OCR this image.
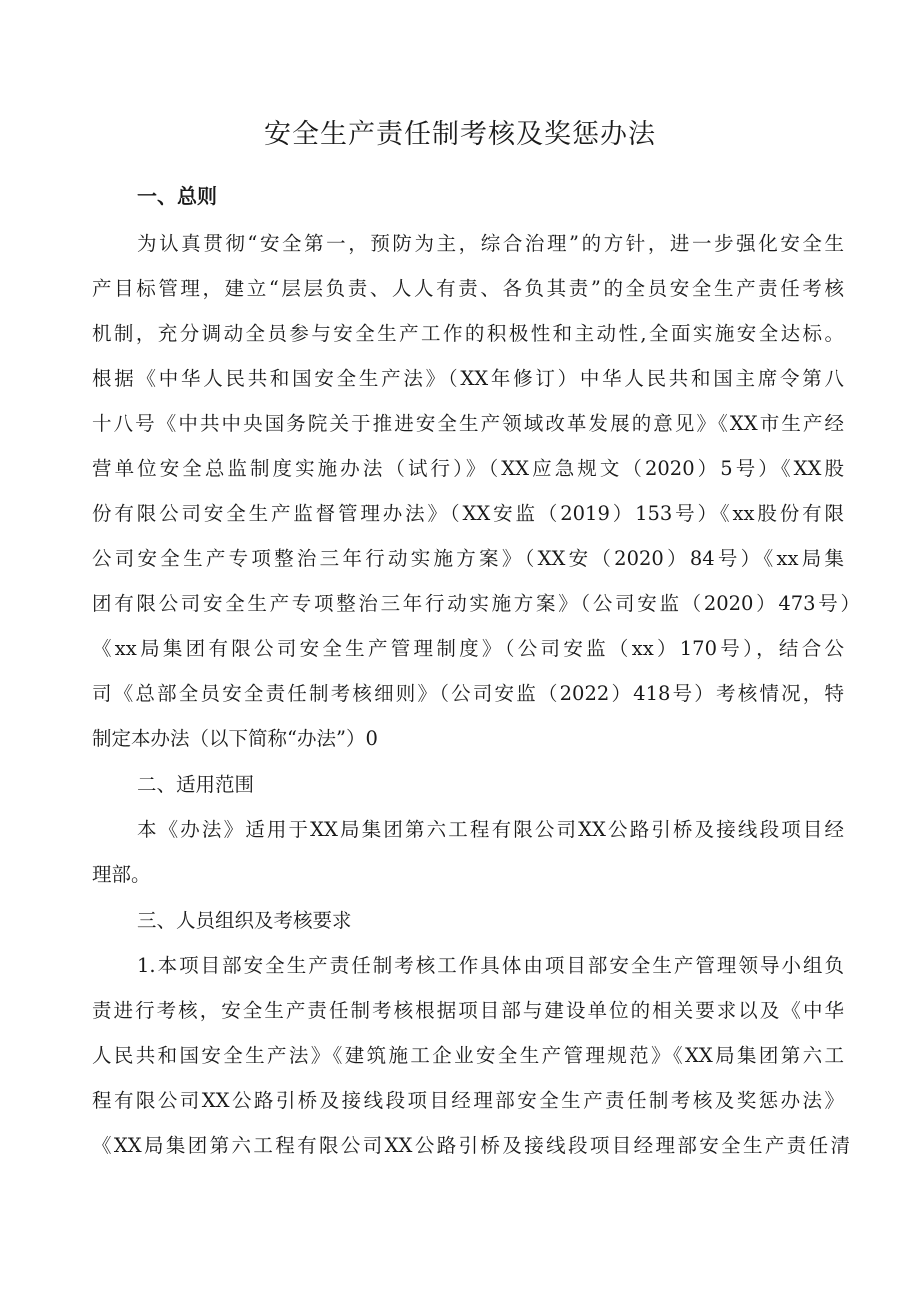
安全生产责任制考核及奖惩办法
一、总则
为认真贯彻“安全第一，预防为主，综合治理”的方针，进一步强化安全生
产目标管理，建立“层层负责、人人有责、各负其责”的全员安全生产责任考核
机制，充分调动全员参与安全生产工作的积极性和主动性,全面实施安全达标。
根据《中华人民共和国安全生产法》（XX年修订）中华人民共和国主席令第八
十八号《中共中央国务院关于推进安全生产领域改革发展的意见》《XX市生产经
营单位安全总监制度实施办法（试行）》（XX应急规文（2020）5号）《XX股
份有限公司安全生产监督管理办法》（XX安监（2019）153号）《xx股份有限
公司安全生产专项整治三年行动实施方案》（XX安（2020）84号）《xx局集
团有限公司安全生产专项整治三年行动实施方案》（公司安监（2020）473号）
《xx局集团有限公司安全生产管理制度》（公司安监（xx）170号），结合公
司《总部全员安全责任制考核细则》（公司安监（2022）418号）考核情况，特
制定本办法（以下简称“办法”）0
二、适用范围
本《办法》适用于XX局集团第六工程有限公司XX公路引桥及接线段项目经
理部。
三、人员组织及考核要求
1.本项目部安全生产责任制考核工作具体由项目部安全生产管理领导小组负
责进行考核，安全生产责任制考核根据项目部与建设单位的相关要求以及《中华
人民共和国安全生产法》《建筑施工企业安全生产管理规范》《XX局集团第六工
程有限公司XX公路引桥及接线段项目经理部安全生产责任制考核及奖惩办法》
《XX局集团第六工程有限公司XX公路引桥及接线段项目经理部安全生产责任清
